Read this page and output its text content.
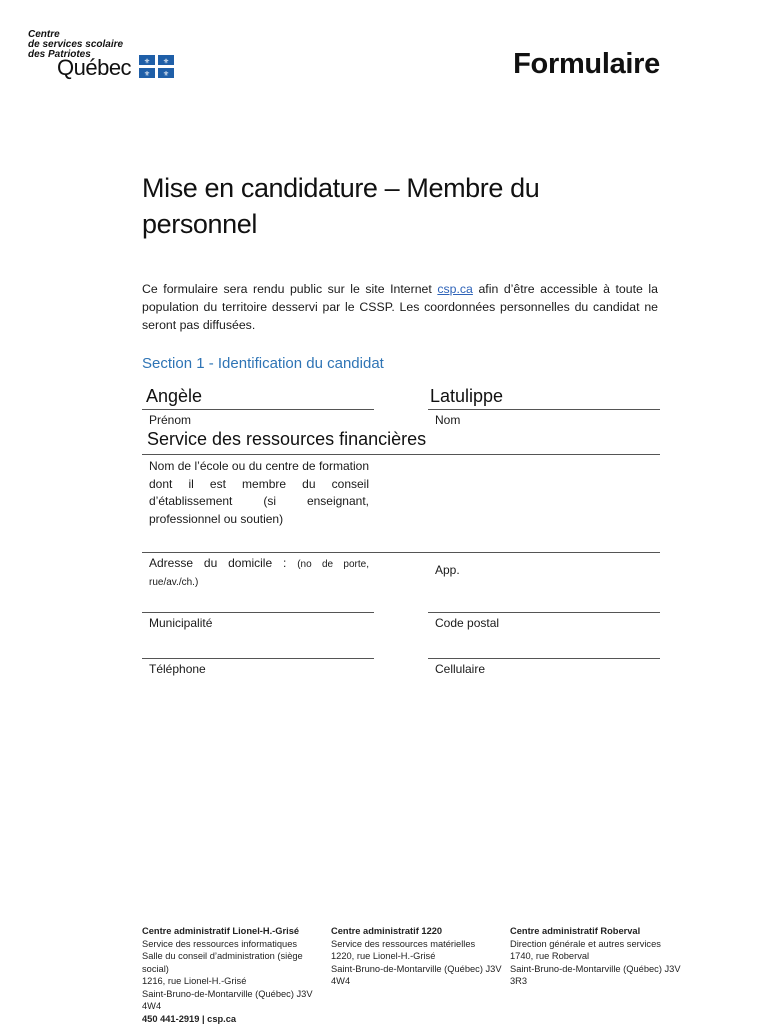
Centre
de services scolaire
des Patriotes
Québec ⚜ ⚜
⚜ ⚜	Formulaire
Mise en candidature – Membre du personnel
Ce formulaire sera rendu public sur le site Internet csp.ca afin d’être accessible à toute la population du territoire desservi par le CSSP. Les coordonnées personnelles du candidat ne seront pas diffusées.
Section 1 - Identification du candidat
Angèle
Prénom
Latulippe
Nom
Service des ressources financières
Nom de l’école ou du centre de formation dont il est membre du conseil d’établissement (si enseignant, professionnel ou soutien)
Adresse du domicile : (no de porte, rue/av./ch.)
App.
Municipalité	Code postal
Téléphone	Cellulaire
Centre administratif Lionel-H.-Grisé
Service des ressources informatiques
Salle du conseil d’administration (siège social)
1216, rue Lionel-H.-Grisé
Saint-Bruno-de-Montarville (Québec) J3V 4W4
450 441-2919 | csp.ca
Centre administratif 1220
Service des ressources matérielles
1220, rue Lionel-H.-Grisé
Saint-Bruno-de-Montarville (Québec) J3V 4W4
Centre administratif Roberval
Direction générale et autres services
1740, rue Roberval
Saint-Bruno-de-Montarville (Québec) J3V 3R3
